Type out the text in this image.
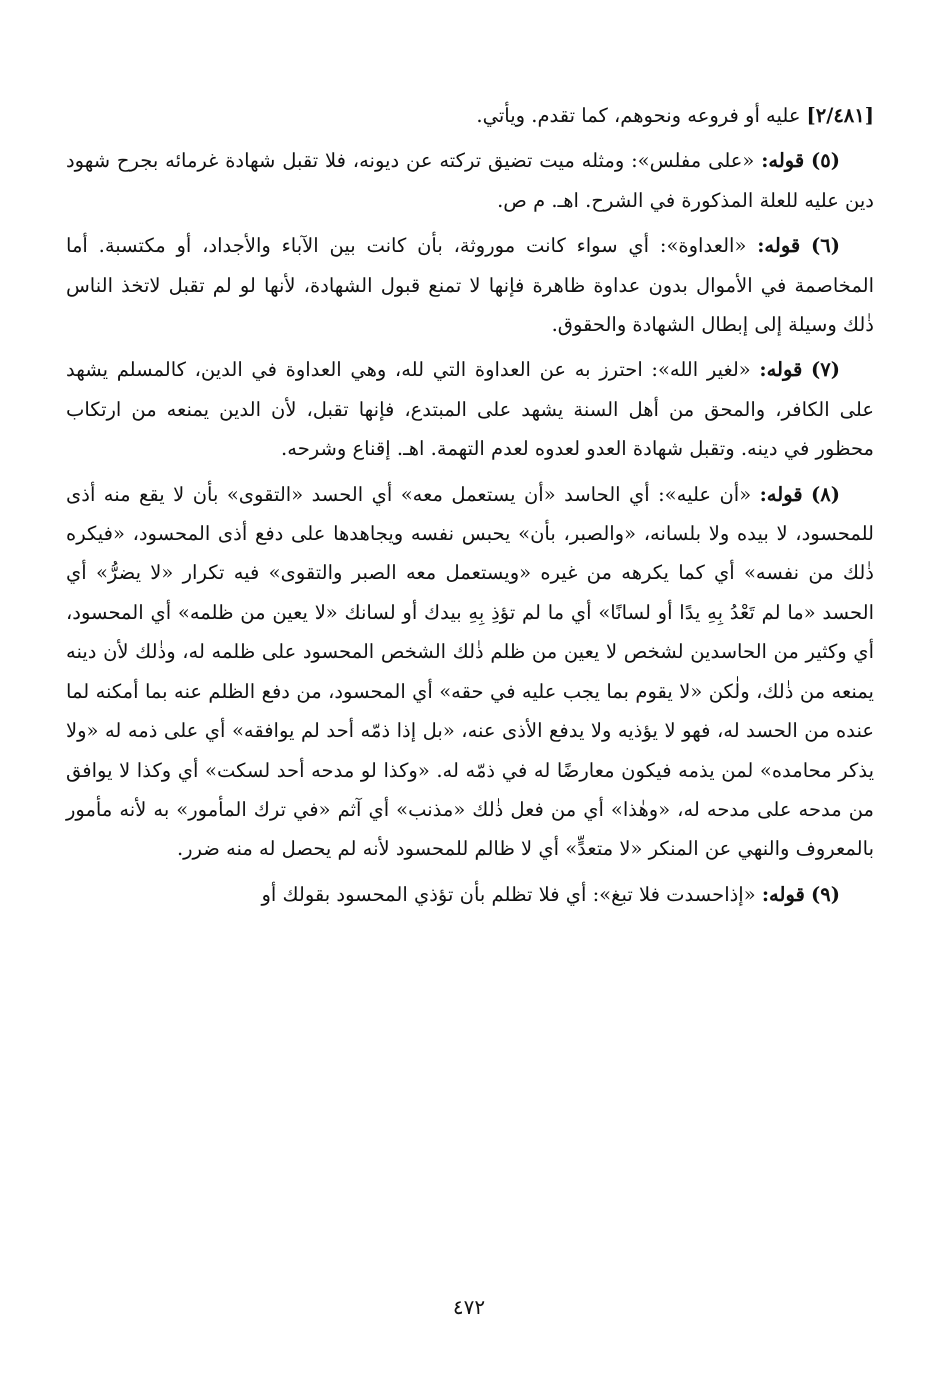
[٢/٤٨١]عليه أو فروعه ونحوهم، كما تقدم. ويأتي.

(٥) قوله: «على مفلس»: ومثله ميت تضيق تركته عن ديونه، فلا تقبل شهادة غرمائه بجرح شهود دين عليه للعلة المذكورة في الشرح. اهـ. م ص.

(٦) قوله: «العداوة»: أي سواء كانت موروثة، بأن كانت بين الآباء والأجداد، أو مكتسبة. أما المخاصمة في الأموال بدون عداوة ظاهرة فإنها لا تمنع قبول الشهادة، لأنها لو لم تقبل لاتخذ الناس ذٰلك وسيلة إلى إبطال الشهادة والحقوق.

(٧) قوله: «لغير الله»: احترز به عن العداوة التي لله، وهي العداوة في الدين، كالمسلم يشهد على الكافر، والمحق من أهل السنة يشهد على المبتدع، فإنها تقبل، لأن الدين يمنعه من ارتكاب محظور في دينه. وتقبل شهادة العدو لعدوه لعدم التهمة. اهـ. إقناع وشرحه.

(٨) قوله: «أن عليه»: أي الحاسد «أن يستعمل معه» أي الحسد «التقوى» بأن لا يقع منه أذى للمحسود، لا بيده ولا بلسانه، «والصبر، بأن» يحبس نفسه ويجاهدها على دفع أذى المحسود، «فيكره ذٰلك من نفسه» أي كما يكرهه من غيره «ويستعمل معه الصبر والتقوى» فيه تكرار «لا يضرُّ» أي الحسد «ما لم تَعْدُ بِهِ يدًا أو لسانًا» أي ما لم تؤذِ بِهِ بيدك أو لسانك «لا يعين من ظلمه» أي المحسود، أي وكثير من الحاسدين لشخص لا يعين من ظلم ذٰلك الشخص المحسود على ظلمه له، وذٰلك لأن دينه يمنعه من ذٰلك، ولٰكن «لا يقوم بما يجب عليه في حقه» أي المحسود، من دفع الظلم عنه بما أمكنه لما عنده من الحسد له، فهو لا يؤذيه ولا يدفع الأذى عنه، «بل إذا ذمّه أحد لم يوافقه» أي على ذمه له «ولا يذكر محامده» لمن يذمه فيكون معارضًا له في ذمّه له. «وكذا لو مدحه أحد لسكت» أي وكذا لا يوافق من مدحه على مدحه له، «وهٰذا» أي من فعل ذٰلك «مذنب» أي آثم «في ترك المأمور» به لأنه مأمور بالمعروف والنهي عن المنكر «لا متعدٍّ» أي لا ظالم للمحسود لأنه لم يحصل له منه ضرر.

(٩) قوله: «إذاحسدت فلا تبغ»: أي فلا تظلم بأن تؤذي المحسود بقولك أو

٤٧٢
